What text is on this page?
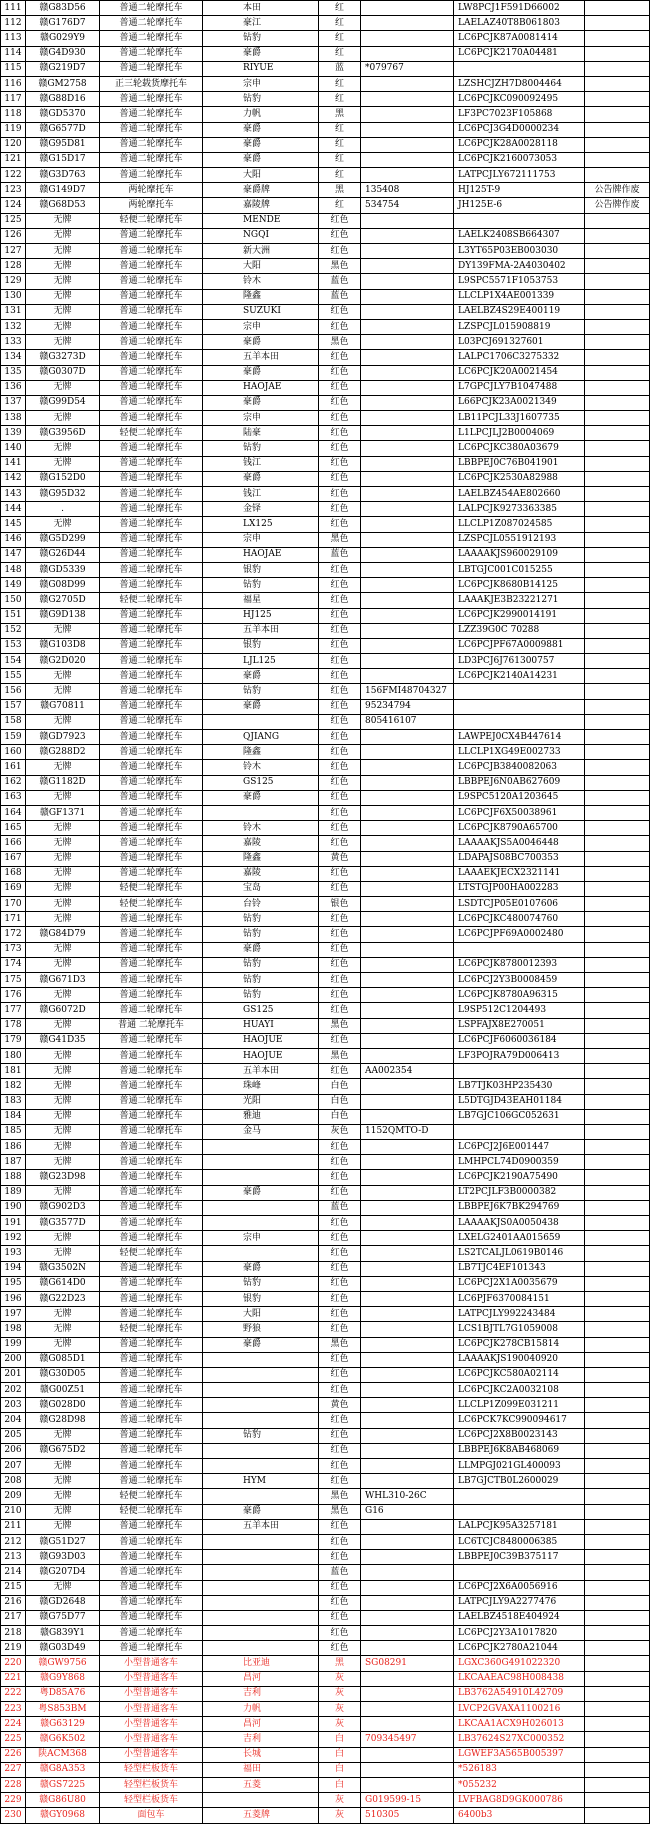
111	赣G83D56	普通二轮摩托车	本田	红		LW8PCJ1F591D66002	
112	赣G176D7	普通二轮摩托车	豪江	红		LAELAZ40T8B061803	
113	赣G029Y9	普通二轮摩托车	钻豹	红		LC6PCJK87A0081414	
114	赣G4D930	普通二轮摩托车	豪爵	红		LC6PCJK2170A04481	
115	赣G219D7	普通二轮摩托车	RIYUE	蓝	*079767		
116	赣GM2758	正三轮载货摩托车	宗申	红		LZSHCJZH7D8004464	
117	赣G88D16	普通二轮摩托车	钻豹	红		LC6PCJKC090092495	
118	赣GD5370	普通二轮摩托车	力帆	黑		LF3PC7023F105868	
119	赣G6577D	普通二轮摩托车	豪爵	红		LC6PCJ3G4D0000234	
120	赣G95D81	普通二轮摩托车	豪爵	红		LC6PCJK28A0028118	
121	赣G15D17	普通二轮摩托车	豪爵	红		LC6PCJK2160073053	
122	赣G3D763	普通二轮摩托车	大阳	红		LATPCJLY672111753	
123	赣G149D7	两轮摩托车	豪爵牌	黑	135408	HJ125T-9	公告牌作废
124	赣G68D53	两轮摩托车	嘉陵牌	红	534754	JH125E-6	公告牌作废
125	无牌	轻便二轮摩托车	MENDE	红色			
126	无牌	普通二轮摩托车	NGQI	红色		LAELK2408SB664307	
127	无牌	普通二轮摩托车	新大洲	红色		L3YT65P03EB003030	
128	无牌	普通二轮摩托车	大阳	黑色		DY139FMA-2A4030402	
129	无牌	普通二轮摩托车	铃木	蓝色		L9SPC5571F1053753	
130	无牌	普通二轮摩托车	隆鑫	蓝色		LLCLP1X4AE001339	
131	无牌	普通二轮摩托车	SUZUKI	红色		LAELBZ4S29E400119	
132	无牌	普通二轮摩托车	宗申	红色		LZSPCJL015908819	
133	无牌	普通二轮摩托车	豪爵	黑色		L03PCJ691327601	
134	赣G3273D	普通二轮摩托车	五羊本田	红色		LALPC1706C3275332	
135	赣G0307D	普通二轮摩托车	豪爵	红色		LC6PCJK20A0021454	
136	无牌	普通二轮摩托车	HAOJAE	红色		L7GPCJLY7B1047488	
137	赣G99D54	普通二轮摩托车	豪爵	红色		L66PCJK23A0021349	
138	无牌	普通二轮摩托车	宗申	红色		LB11PCJL33J1607735	
139	赣G3956D	轻便二轮摩托车	陆豪	红色		L1LPCJLJ2B0004069	
140	无牌	普通二轮摩托车	钻豹	红色		LC6PCJKC380A03679	
141	无牌	普通二轮摩托车	钱江	红色		LBBPEJ0C76B041901	
142	赣G152D0	普通二轮摩托车	豪爵	红色		LC6PCJK2530A82988	
143	赣G95D32	普通二轮摩托车	钱江	红色		LAELBZ454AE802660	
144	.	普通二轮摩托车	金铎	红色		LALPCJK9273363385	
145	无牌	普通二轮摩托车	LX125	红色		LLCLP1Z087024585	
146	赣G5D299	普通二轮摩托车	宗申	黑色		LZSPCJL0551912193	
147	赣G26D44	普通二轮摩托车	HAOJAE	蓝色		LAAAAKJS960029109	
148	赣GD5339	普通二轮摩托车	银豹	红色		LBTGJC001C015255	
149	赣G08D99	普通二轮摩托车	钻豹	红色		LC6PCJK8680B14125	
150	赣G2705D	轻便二轮摩托车	福星	红色		LAAAKJE3B23221271	
151	赣G9D138	普通二轮摩托车	HJ125	红色		LC6PCJK2990014191	
152	无牌	普通二轮摩托车	五羊本田	红色		LZZ39G0C 70288	
153	赣G103D8	普通二轮摩托车	银豹	红色		LC6PCJPF67A0009881	
154	赣G2D020	普通二轮摩托车	LJL125	红色		LD3PCJ6J761300757	
155	无牌	普通二轮摩托车	豪爵	红色		LC6PCJK2140A14231	
156	无牌	普通二轮摩托车	钻豹	红色	156FMI48704327		
157	赣G70811	普通二轮摩托车	豪爵	红色	95234794		
158	无牌	普通二轮摩托车		红色	805416107		
159	赣GD7923	普通二轮摩托车	QJIANG	红色		LAWPEJ0CX4B447614	
160	赣G288D2	普通二轮摩托车	隆鑫	红色		LLCLP1XG49E002733	
161	无牌	普通二轮摩托车	铃木	红色		LC6PCJB3840082063	
162	赣G1182D	普通二轮摩托车	GS125	红色		LBBPEJ6N0AB627609	
163	无牌	普通二轮摩托车	豪爵	红色		L9SPC5120A1203645	
164	赣GF1371	普通二轮摩托车		红色		LC6PCJF6X50038961	
165	无牌	普通二轮摩托车	铃木	红色		LC6PCJK8790A65700	
166	无牌	普通二轮摩托车	嘉陵	红色		LAAAAKJS5A0046448	
167	无牌	普通二轮摩托车	隆鑫	黄色		LDAPAJS08BC700353	
168	无牌	普通二轮摩托车	嘉陵	红色		LAAAEKJECX2321141	
169	无牌	轻便二轮摩托车	宝岛	红色		LTSTGJP00HA002283	
170	无牌	轻便二轮摩托车	台铃	银色		LSDTCJP05E0107606	
171	无牌	普通二轮摩托车	钻豹	红色		LC6PCJKC480074760	
172	赣G84D79	普通二轮摩托车	钻豹	红色		LC6PCJPF69A0002480	
173	无牌	普通二轮摩托车	豪爵	红色			
174	无牌	普通二轮摩托车	钻豹	红色		LC6PCJK8780012393	
175	赣G671D3	普通二轮摩托车	钻豹	红色		LC6PCJ2Y3B0008459	
176	无牌	普通二轮摩托车	钻豹	红色		LC6PCJK8780A96315	
177	赣G6072D	普通二轮摩托车	GS125	红色		L9SP512C1204493	
178	无牌	普通 二轮摩托车	HUAYI	黑色		LSPFAJX8E270051	
179	赣G41D35	普通二轮摩托车	HAOJUE	红色		LC6PCJF6060036184	
180	无牌	普通二轮摩托车	HAOJUE	黑色		LF3POJRA79D006413	
181	无牌	普通二轮摩托车	五羊本田	红色	AA002354		
182	无牌	普通二轮摩托车	珠峰	白色		LB7TJK03HP235430	
183	无牌	普通二轮摩托车	光阳	白色		L5DTGJD43EAH01184	
184	无牌	普通二轮摩托车	雅迪	白色		LB7GJC106GC052631	
185	无牌	普通二轮摩托车	金马	灰色	1152QMTO-D		
186	无牌	普通二轮摩托车		红色		LC6PCJ2J6E001447	
187	无牌	普通二轮摩托车		红色		LMHPCL74D0900359	
188	赣G23D98	普通二轮摩托车		红色		LC6PCJK2190A75490	
189	无牌	普通二轮摩托车	豪爵	红色		LT2PCJLF3B0000382	
190	赣G902D3	普通二轮摩托车		蓝色		LBBPEJ6K7BK294769	
191	赣G3577D	普通二轮摩托车		红色		LAAAAKJS0A0050438	
192	无牌	普通二轮摩托车	宗申	红色		LXELG2401AA015659	
193	无牌	轻便二轮摩托车		红色		LS2TCALJL0619B0146	
194	赣G3502N	普通二轮摩托车	豪爵	红色		LB7TJC4EF101343	
195	赣G614D0	普通二轮摩托车	钻豹	红色		LC6PCJ2X1A0035679	
196	赣G22D23	普通二轮摩托车	银豹	红色		LC6PJF6370084151	
197	无牌	普通二轮摩托车	大阳	红色		LATPCJLY992243484	
198	无牌	轻便二轮摩托车	野狼	红色		LCS1BJTL7G1059008	
199	无牌	普通二轮摩托车	豪爵	黑色		LC6PCJK278CB15814	
200	赣G085D1	普通二轮摩托车		红色		LAAAAKJS190040920	
201	赣G30D05	普通二轮摩托车		红色		LC6PCJKC580A02114	
202	赣G00Z51	普通二轮摩托车		红色		LC6PCJKC2A0032108	
203	赣G028D0	普通二轮摩托车		黄色		LLCLP1Z099E031211	
204	赣G28D98	普通二轮摩托车		红色		LC6PCK7KC990094617	
205	无牌	普通二轮摩托车	钻豹	红色		LC6PCJ2X8B0023143	
206	赣G675D2	普通二轮摩托车		红色		LBBPEJ6K8AB468069	
207	无牌	普通二轮摩托车		红色		LLMPGJ021GL400093	
208	无牌	普通二轮摩托车	HYM	红色		LB7GJCTB0L2600029	
209	无牌	轻便二轮摩托车		黑色	WHL310-26C		
210	无牌	轻便二轮摩托车	豪爵	黑色	G16		
211	无牌	普通二轮摩托车	五羊本田	红色		LALPCJK95A3257181	
212	赣G51D27	普通二轮摩托车		红色		LC6TCJC8480006385	
213	赣G93D03	普通二轮摩托车		红色		LBBPEJ0C39B375117	
214	赣G207D4	普通二轮摩托车		蓝色			
215	无牌	普通二轮摩托车		红色		LC6PCJ2X6A0056916	
216	赣GD2648	普通二轮摩托车		红色		LATPCJLY9A2277476	
217	赣G75D77	普通二轮摩托车		红色		LAELBZ4518E404924	
218	赣G839Y1	普通二轮摩托车		红色		LC6PCJ2Y3A1017820	
219	赣G03D49	普通二轮摩托车		红色		LC6PCJK2780A21044	
220	赣GW9756	小型普通客车	比亚迪	黑	SG08291	LGXC360G491022320	
221	赣G9Y868	小型普通客车	昌河	灰		LKCAAEAC98H008438	
222	粤D85A76	小型普通客车	吉利	灰		LB3762A54910L42709	
223	粤S853BM	小型普通客车	力帆	灰		LVCP2GVAXA1100216	
224	赣G63129	小型普通客车	昌河	灰		LKCAA1ACX9H026013	
225	赣G6K502	小型普通客车	吉利	白	709345497	LB37624S27XC000352	
226	陕ACM368	小型普通客车	长城	白		LGWEF3A565B005397	
227	赣G8A353	轻型栏板货车	福田	白		*526183	
228	赣GS7225	轻型栏板货车	五菱	白		*055232	
229	赣G86U80	轻型栏板货车		灰	G019599-15	LVFBAG8D9GK000786	
230	赣GY0968	面包车	五菱牌	灰	510305	6400b3	
